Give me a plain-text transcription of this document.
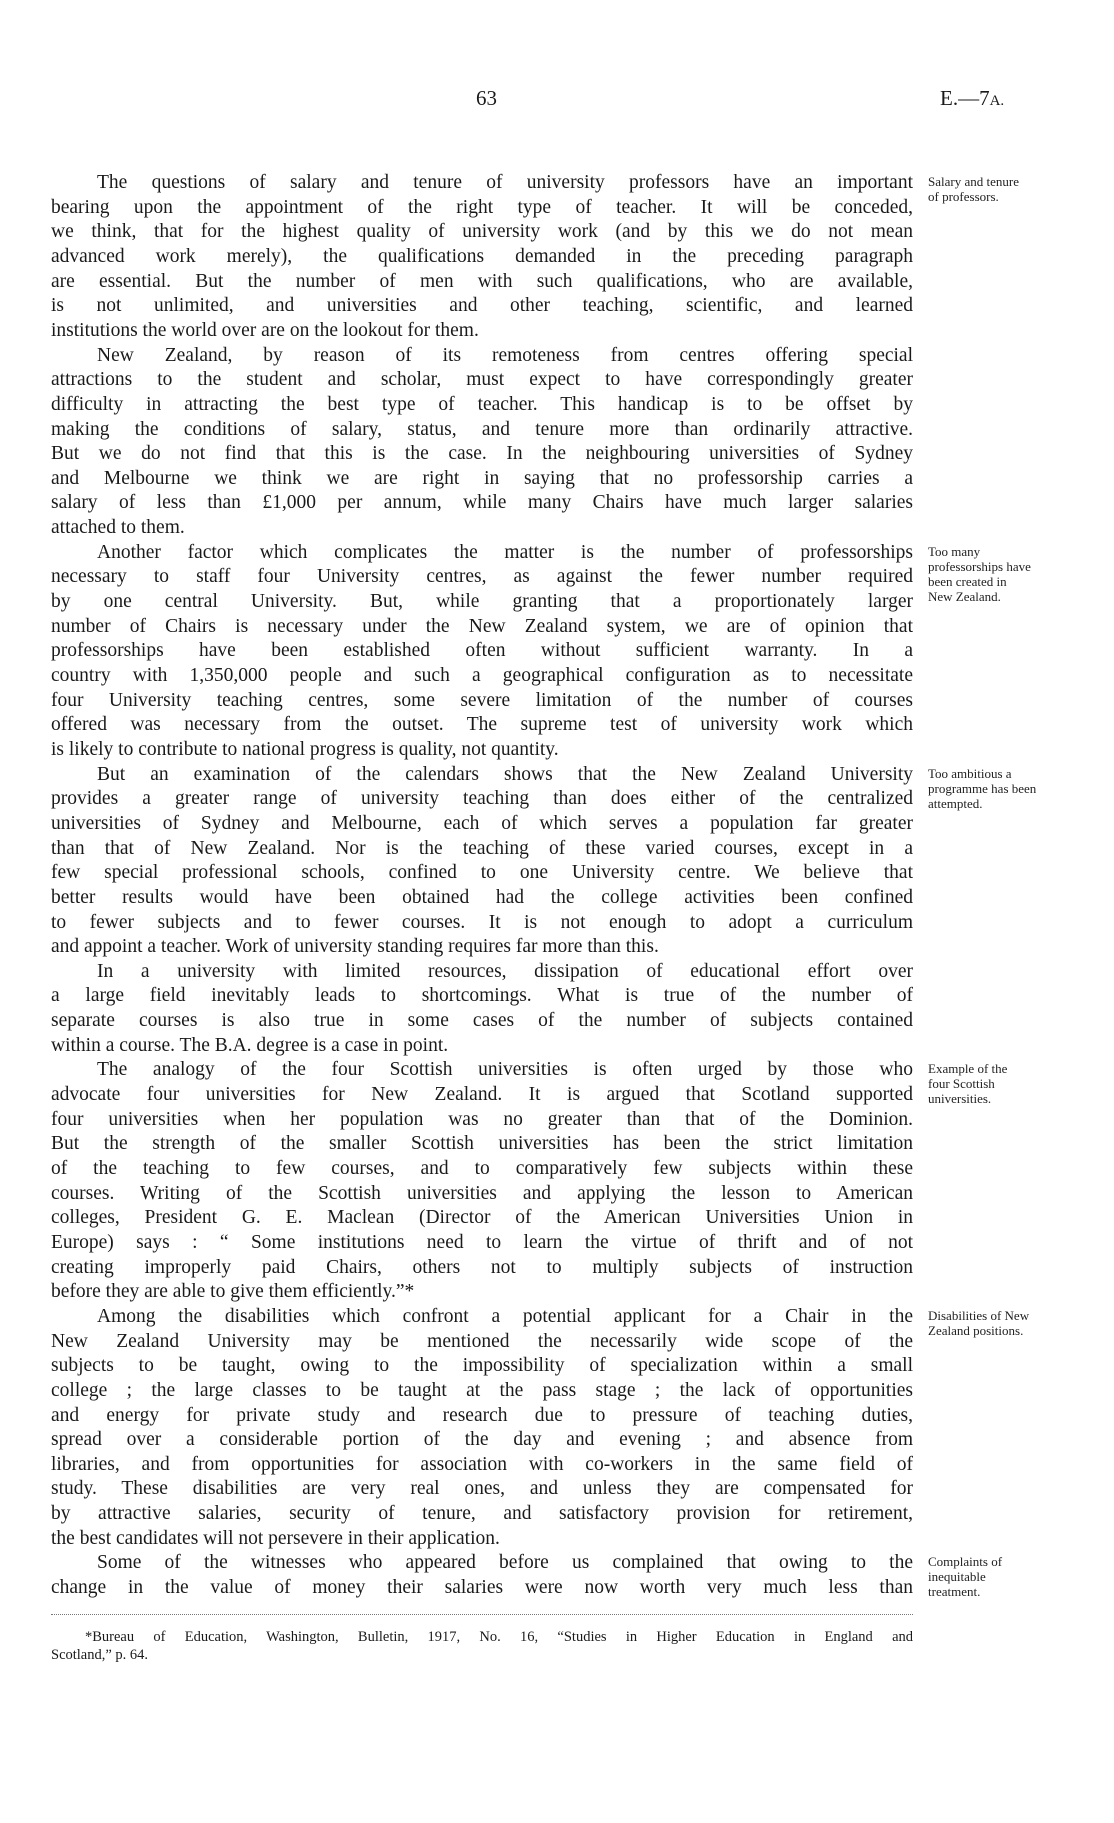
63	E.—7A.
The questions of salary and tenure of university professors have an important
bearing upon the appointment of the right type of teacher. It will be conceded,
we think, that for the highest quality of university work (and by this we do not mean
advanced work merely), the qualifications demanded in the preceding paragraph
are essential. But the number of men with such qualifications, who are available,
is not unlimited, and universities and other teaching, scientific, and learned
institutions the world over are on the lookout for them.
New Zealand, by reason of its remoteness from centres offering special
attractions to the student and scholar, must expect to have correspondingly greater
difficulty in attracting the best type of teacher. This handicap is to be offset by
making the conditions of salary, status, and tenure more than ordinarily attractive.
But we do not find that this is the case. In the neighbouring universities of Sydney
and Melbourne we think we are right in saying that no professorship carries a
salary of less than £1,000 per annum, while many Chairs have much larger salaries
attached to them.
Another factor which complicates the matter is the number of professorships
necessary to staff four University centres, as against the fewer number required
by one central University. But, while granting that a proportionately larger
number of Chairs is necessary under the New Zealand system, we are of opinion that
professorships have been established often without sufficient warranty. In a
country with 1,350,000 people and such a geographical configuration as to necessitate
four University teaching centres, some severe limitation of the number of courses
offered was necessary from the outset. The supreme test of university work which
is likely to contribute to national progress is quality, not quantity.
But an examination of the calendars shows that the New Zealand University
provides a greater range of university teaching than does either of the centralized
universities of Sydney and Melbourne, each of which serves a population far greater
than that of New Zealand. Nor is the teaching of these varied courses, except in a
few special professional schools, confined to one University centre. We believe that
better results would have been obtained had the college activities been confined
to fewer subjects and to fewer courses. It is not enough to adopt a curriculum
and appoint a teacher. Work of university standing requires far more than this.
In a university with limited resources, dissipation of educational effort over
a large field inevitably leads to shortcomings. What is true of the number of
separate courses is also true in some cases of the number of subjects contained
within a course. The B.A. degree is a case in point.
The analogy of the four Scottish universities is often urged by those who
advocate four universities for New Zealand. It is argued that Scotland supported
four universities when her population was no greater than that of the Dominion.
But the strength of the smaller Scottish universities has been the strict limitation
of the teaching to few courses, and to comparatively few subjects within these
courses. Writing of the Scottish universities and applying the lesson to American
colleges, President G. E. Maclean (Director of the American Universities Union in
Europe) says : “ Some institutions need to learn the virtue of thrift and of not
creating improperly paid Chairs, others not to multiply subjects of instruction
before they are able to give them efficiently.”*
Among the disabilities which confront a potential applicant for a Chair in the
New Zealand University may be mentioned the necessarily wide scope of the
subjects to be taught, owing to the impossibility of specialization within a small
college ; the large classes to be taught at the pass stage ; the lack of opportunities
and energy for private study and research due to pressure of teaching duties,
spread over a considerable portion of the day and evening ; and absence from
libraries, and from opportunities for association with co-workers in the same field of
study. These disabilities are very real ones, and unless they are compensated for
by attractive salaries, security of tenure, and satisfactory provision for retirement,
the best candidates will not persevere in their application.
Some of the witnesses who appeared before us complained that owing to the
change in the value of money their salaries were now worth very much less than
Salary and tenure
of professors.
Too many
professorships have
been created in
New Zealand.
Too ambitious a
programme has been
attempted.
Example of the
four Scottish
universities.
Disabilities of New
Zealand positions.
Complaints of
inequitable
treatment.
*Bureau of Education, Washington, Bulletin, 1917, No. 16, “Studies in Higher Education in England and
Scotland,” p. 64.
